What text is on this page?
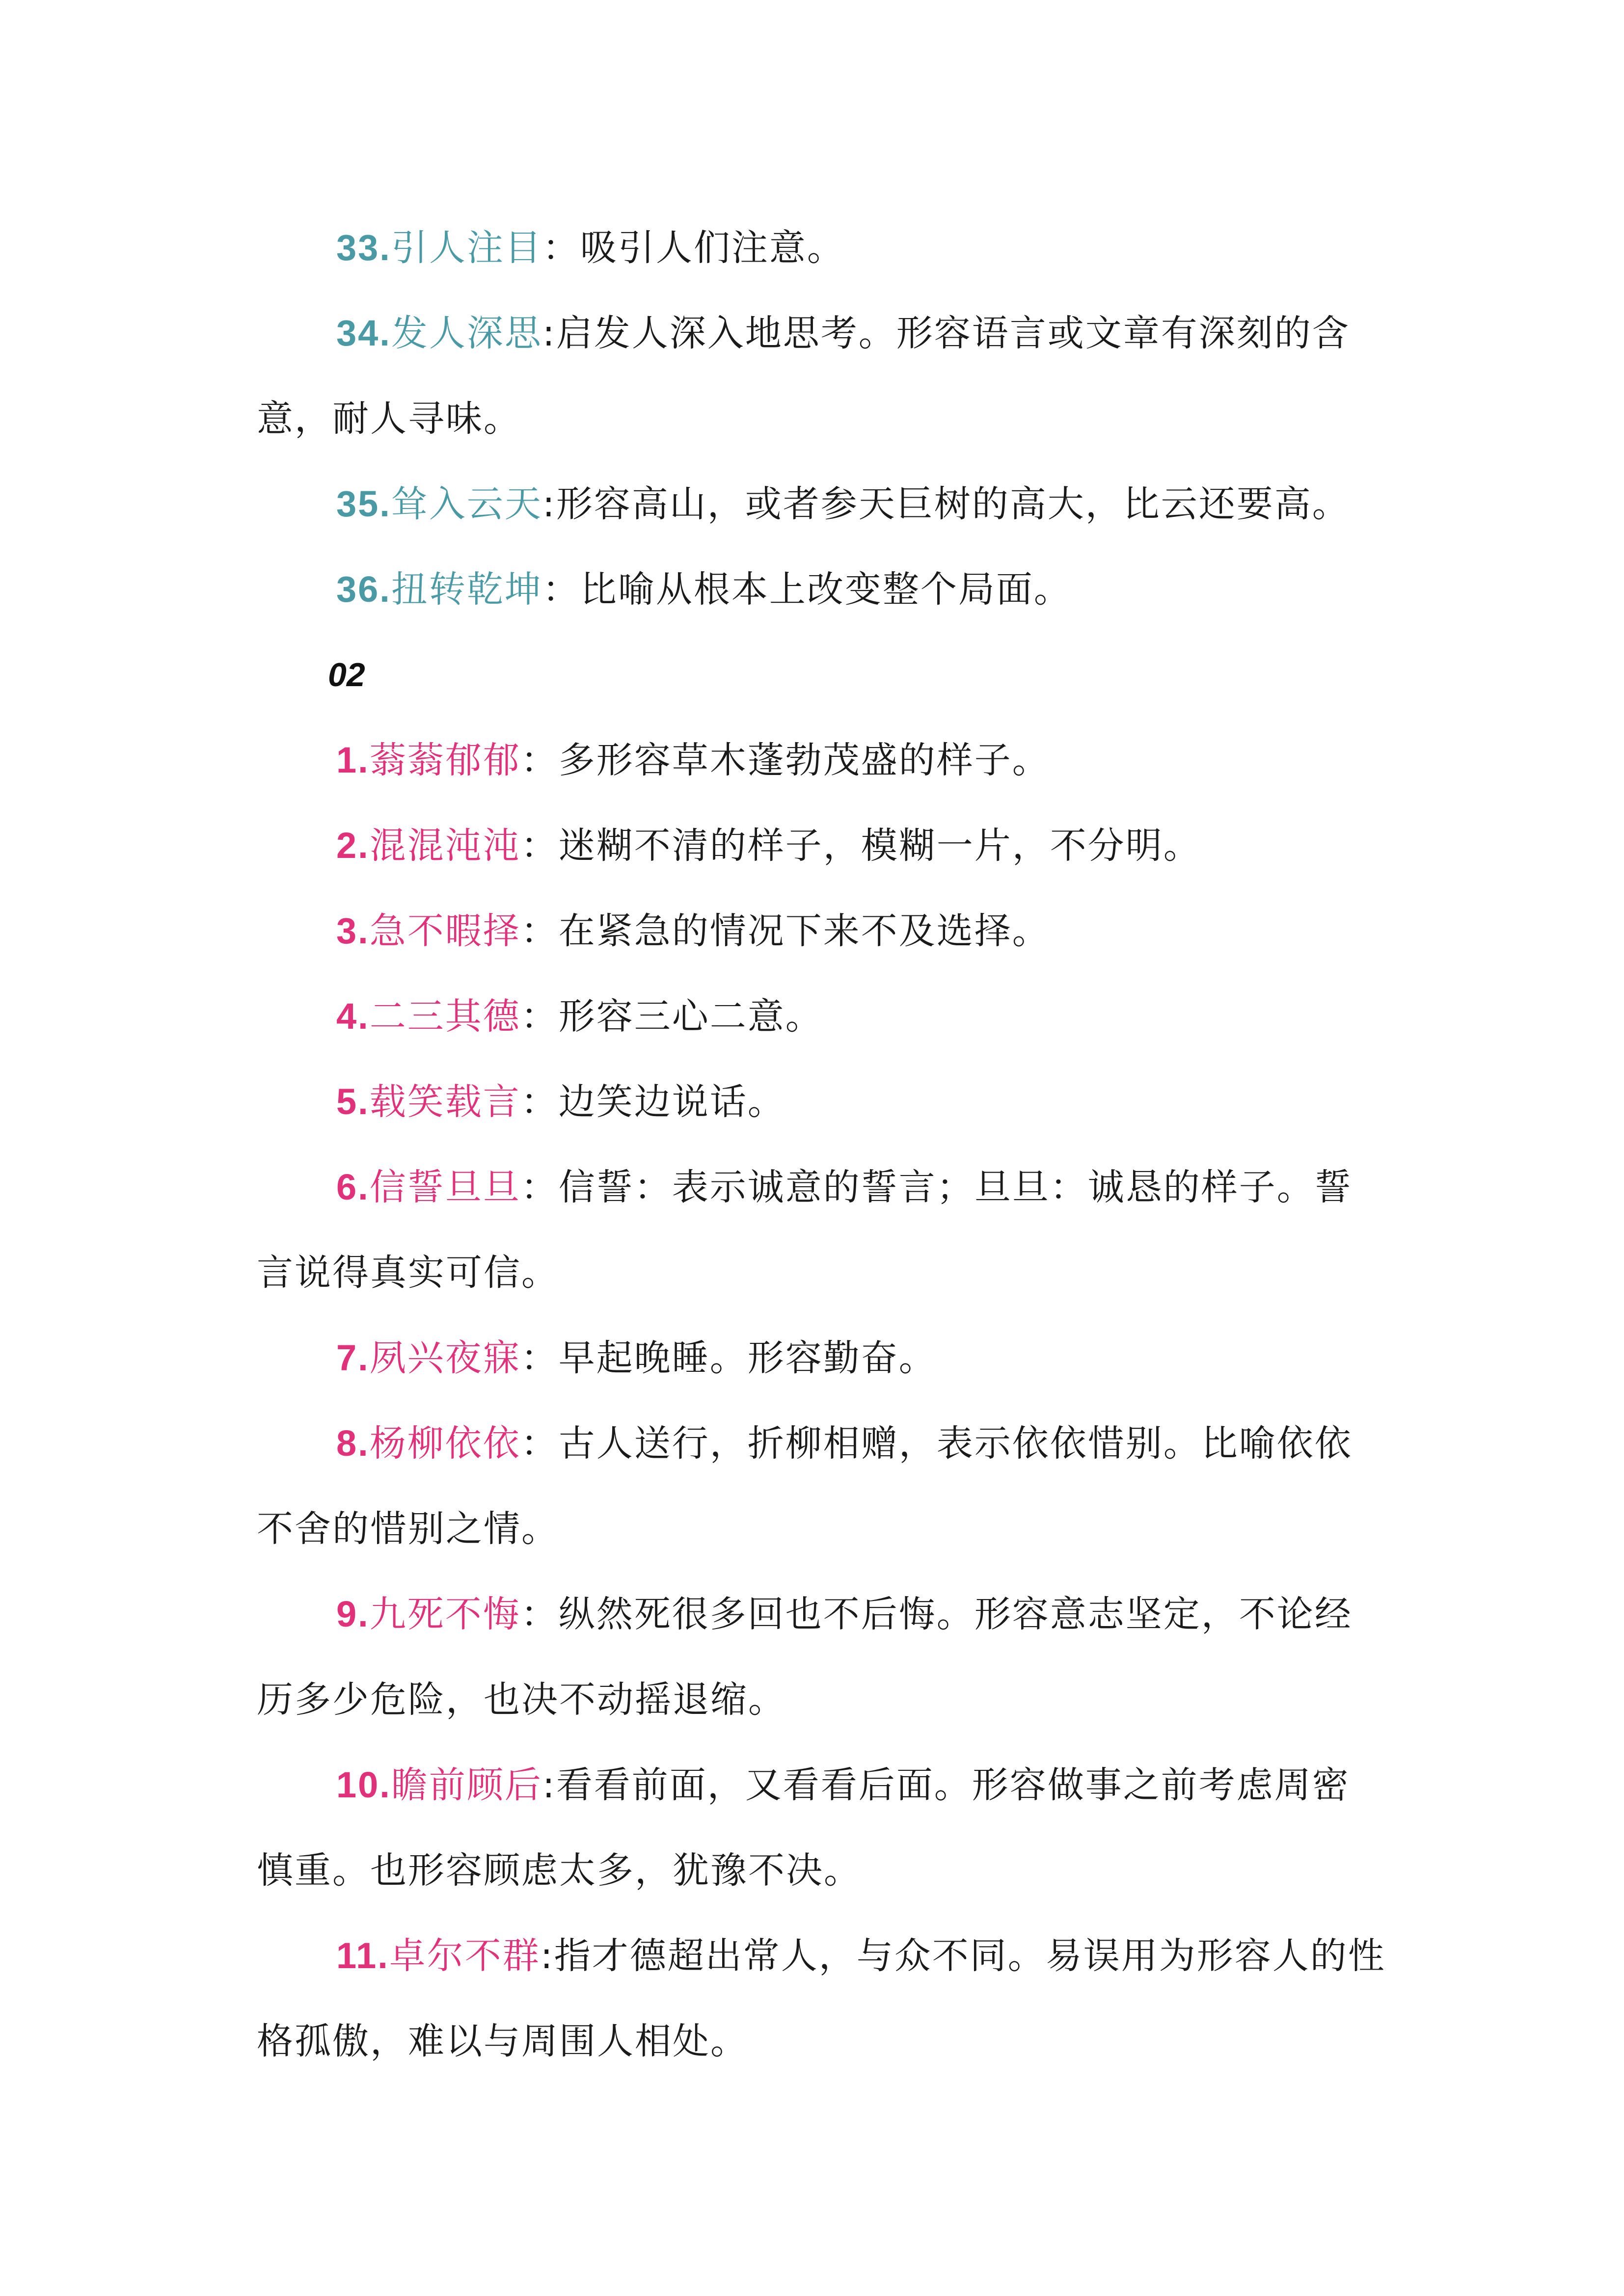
33.引人注目：吸引人们注意。

34.发人深思:启发人深入地思考。形容语言或文章有深刻的含意，耐人寻味。

35.耸入云天:形容高山，或者参天巨树的高大，比云还要高。

36.扭转乾坤：比喻从根本上改变整个局面。

02

1.蓊蓊郁郁：多形容草木蓬勃茂盛的样子。

2.混混沌沌：迷糊不清的样子，模糊一片，不分明。

3.急不暇择：在紧急的情况下来不及选择。

4.二三其德：形容三心二意。

5.载笑载言：边笑边说话。

6.信誓旦旦：信誓：表示诚意的誓言；旦旦：诚恳的样子。誓言说得真实可信。

7.夙兴夜寐：早起晚睡。形容勤奋。

8.杨柳依依：古人送行，折柳相赠，表示依依惜别。比喻依依不舍的惜别之情。

9.九死不悔：纵然死很多回也不后悔。形容意志坚定，不论经历多少危险，也决不动摇退缩。

10.瞻前顾后:看看前面，又看看后面。形容做事之前考虑周密慎重。也形容顾虑太多，犹豫不决。

11.卓尔不群:指才德超出常人，与众不同。易误用为形容人的性格孤傲，难以与周围人相处。
